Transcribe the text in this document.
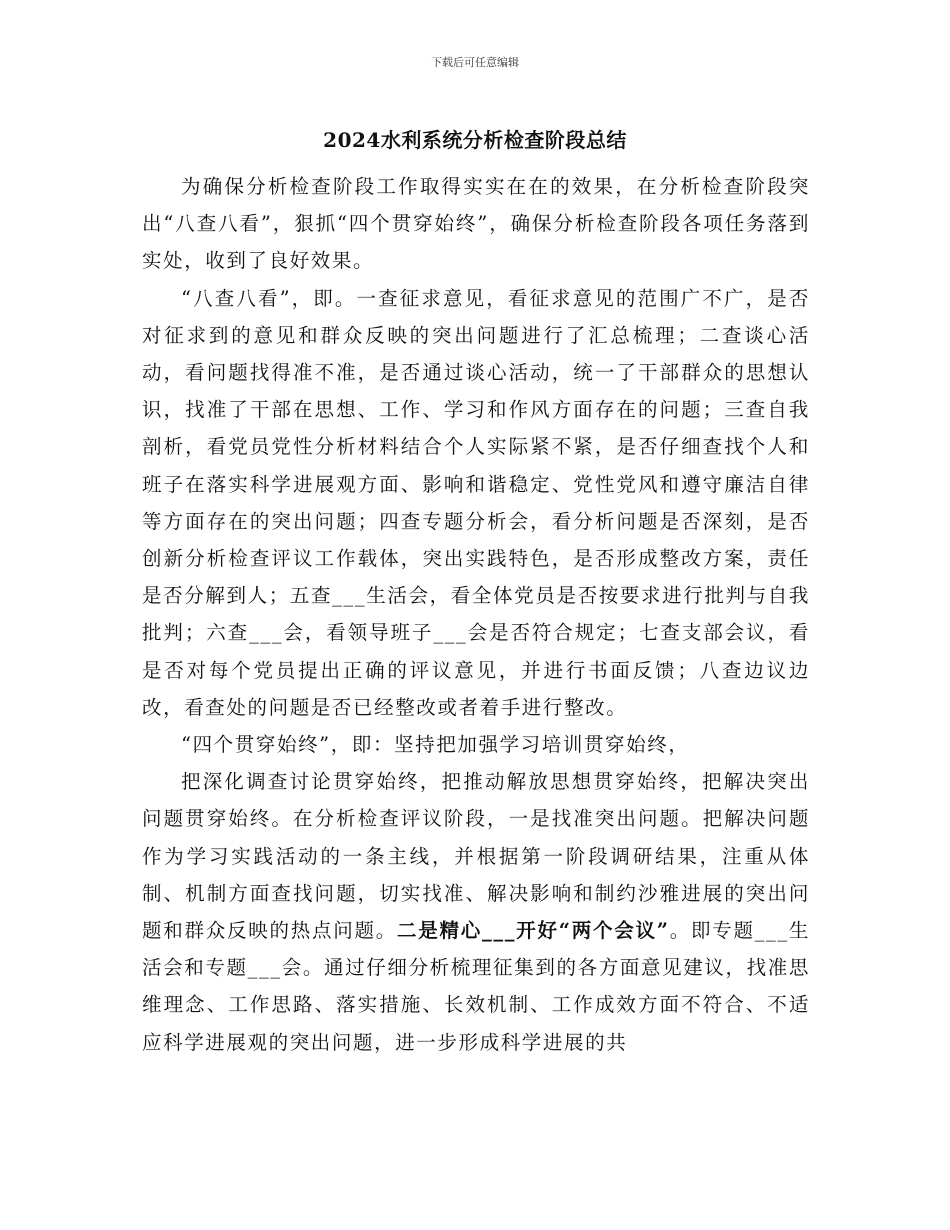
下载后可任意编辑
2024水利系统分析检查阶段总结

为确保分析检查阶段工作取得实实在在的效果，在分析检查阶段突出“八查八看”，狠抓“四个贯穿始终”，确保分析检查阶段各项任务落到实处，收到了良好效果。

“八查八看”，即。一查征求意见，看征求意见的范围广不广，是否对征求到的意见和群众反映的突出问题进行了汇总梳理；二查谈心活动，看问题找得准不准，是否通过谈心活动，统一了干部群众的思想认识，找准了干部在思想、工作、学习和作风方面存在的问题；三查自我剖析，看党员党性分析材料结合个人实际紧不紧，是否仔细查找个人和班子在落实科学进展观方面、影响和谐稳定、党性党风和遵守廉洁自律等方面存在的突出问题；四查专题分析会，看分析问题是否深刻，是否创新分析检查评议工作载体，突出实践特色，是否形成整改方案，责任是否分解到人；五查___生活会，看全体党员是否按要求进行批判与自我批判；六查___会，看领导班子___会是否符合规定；七查支部会议，看是否对每个党员提出正确的评议意见，并进行书面反馈；八查边议边改，看查处的问题是否已经整改或者着手进行整改。

“四个贯穿始终”，即：坚持把加强学习培训贯穿始终，

把深化调查讨论贯穿始终，把推动解放思想贯穿始终，把解决突出问题贯穿始终。在分析检查评议阶段，一是找准突出问题。把解决问题作为学习实践活动的一条主线，并根据第一阶段调研结果，注重从体制、机制方面查找问题，切实找准、解决影响和制约沙雅进展的突出问题和群众反映的热点问题。二是精心___开好“两个会议”。即专题___生活会和专题___会。通过仔细分析梳理征集到的各方面意见建议，找准思维理念、工作思路、落实措施、长效机制、工作成效方面不符合、不适应科学进展观的突出问题，进一步形成科学进展的共
